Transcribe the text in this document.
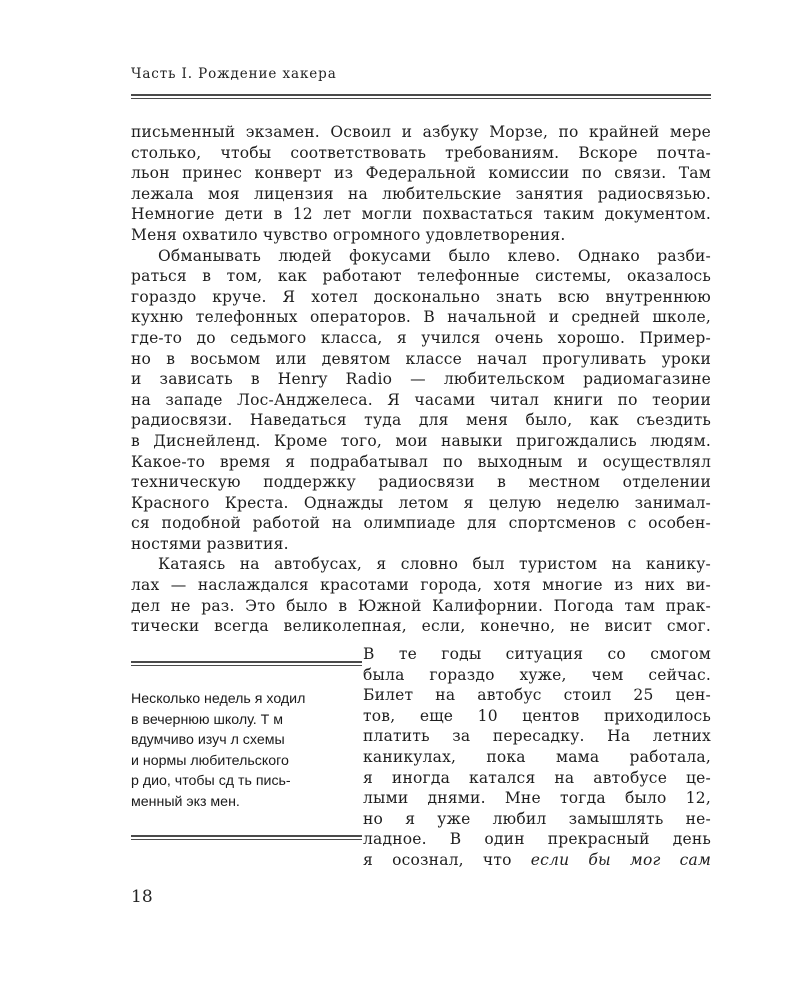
Часть I. Рождение хакера
письменный экзамен. Освоил и азбуку Морзе, по крайней мере
столько, чтобы соответствовать требованиям. Вскоре почта-
льон принес конверт из Федеральной комиссии по связи. Там
лежала моя лицензия на любительские занятия радиосвязью.
Немногие дети в 12 лет могли похвастаться таким документом.
Меня охватило чувство огромного удовлетворения.
Обманывать людей фокусами было клево. Однако разби-
раться в том, как работают телефонные системы, оказалось
гораздо круче. Я хотел досконально знать всю внутреннюю
кухню телефонных операторов. В начальной и средней школе,
где-то до седьмого класса, я учился очень хорошо. Пример-
но в восьмом или девятом классе начал прогуливать уроки
и зависать в Henry Radio — любительском радиомагазине
на западе Лос-Анджелеса. Я часами читал книги по теории
радиосвязи. Наведаться туда для меня было, как съездить
в Диснейленд. Кроме того, мои навыки пригождались людям.
Какое-то время я подрабатывал по выходным и осуществлял
техническую поддержку радиосвязи в местном отделении
Красного Креста. Однажды летом я целую неделю занимал-
ся подобной работой на олимпиаде для спортсменов с особен-
ностями развития.
Катаясь на автобусах, я словно был туристом на канику-
лах — наслаждался красотами города, хотя многие из них ви-
дел не раз. Это было в Южной Калифорнии. Погода там прак-
тически всегда великолепная, если, конечно, не висит смог.
Несколько недель я ходил
в вечернюю школу. Т м
вдумчиво изуч л схемы
и нормы любительского
р дио, чтобы сд ть пись-
менный экз мен.
В те годы ситуация со смогом
была гораздо хуже, чем сейчас.
Билет на автобус стоил 25 цен-
тов, еще 10 центов приходилось
платить за пересадку. На летних
каникулах, пока мама работала,
я иногда катался на автобусе це-
лыми днями. Мне тогда было 12,
но я уже любил замышлять не-
ладное. В один прекрасный день
я осознал, что если бы мог сам
18
